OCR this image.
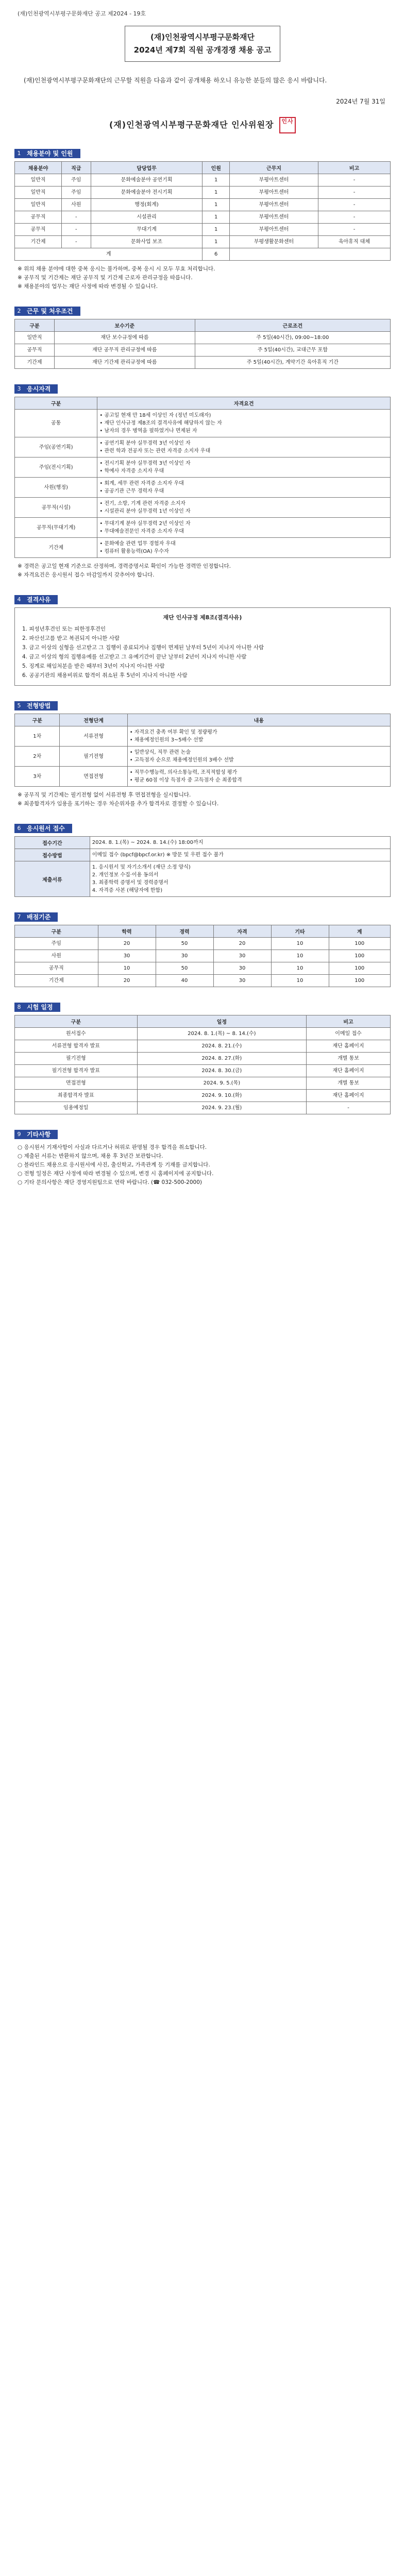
(재)인천광역시부평구문화재단 공고 제2024 - 19호
(재)인천광역시부평구문화재단
2024년 제7회 직원 공개경쟁 채용 공고
(재)인천광역시부평구문화재단의 근무할 직원을 다음과 같이 공개채용 하오니 유능한 분들의 많은 응시 바랍니다.
2024년 7월 31일
(재)인천광역시부평구문화재단 인사위원장 인사
1 채용분야 및 인원
채용분야	직급	담당업무	인원	근무지	비고
일반직	주임	문화예술분야 공연기획	1	부평아트센터	-
일반직	주임	문화예술분야 전시기획	1	부평아트센터	-
일반직	사원	행정(회계)	1	부평아트센터	-
공무직	-	시설관리	1	부평아트센터	-
공무직	-	무대기계	1	부평아트센터	-
기간제	-	문화사업 보조	1	부평생활문화센터	육아휴직 대체
계			6		
※ 위의 채용 분야에 대한 중복 응시는 불가하며, 중복 응시 시 모두 무효 처리합니다.
※ 공무직 및 기간제는 재단 공무직 및 기간제 근로자 관리규정을 따릅니다.
※ 채용분야의 업무는 재단 사정에 따라 변경될 수 있습니다.
2 근무 및 처우조건
구분	보수기준	근로조건
일반직	재단 보수규정에 따름	주 5일(40시간), 09:00~18:00
공무직	재단 공무직 관리규정에 따름	주 5일(40시간), 교대근무 포함
기간제	재단 기간제 관리규정에 따름	주 5일(40시간), 계약기간 육아휴직 기간
3 응시자격
구분	자격요건
공통	• 공고일 현재 만 18세 이상인 자 (정년 미도래자)
• 재단 인사규정 제8조의 결격사유에 해당하지 않는 자
• 남자의 경우 병역을 필하였거나 면제된 자
주임(공연기획)	• 공연기획 분야 실무경력 3년 이상인 자
• 관련 학과 전공자 또는 관련 자격증 소지자 우대
주임(전시기획)	• 전시기획 분야 실무경력 3년 이상인 자
• 학예사 자격증 소지자 우대
사원(행정)	• 회계, 세무 관련 자격증 소지자 우대
• 공공기관 근무 경력자 우대
공무직(시설)	• 전기, 소방, 기계 관련 자격증 소지자
• 시설관리 분야 실무경력 1년 이상인 자
공무직(무대기계)	• 무대기계 분야 실무경력 2년 이상인 자
• 무대예술전문인 자격증 소지자 우대
기간제	• 문화예술 관련 업무 경험자 우대
• 컴퓨터 활용능력(OA) 우수자
※ 경력은 공고일 현재 기준으로 산정하며, 경력증명서로 확인이 가능한 경력만 인정합니다.
※ 자격요건은 응시원서 접수 마감일까지 갖추어야 합니다.
4 결격사유
재단 인사규정 제8조(결격사유)
1. 피성년후견인 또는 피한정후견인
2. 파산선고를 받고 복권되지 아니한 사람
3. 금고 이상의 실형을 선고받고 그 집행이 종료되거나 집행이 면제된 날부터 5년이 지나지 아니한 사람
4. 금고 이상의 형의 집행유예를 선고받고 그 유예기간이 끝난 날부터 2년이 지나지 아니한 사람
5. 징계로 해임처분을 받은 때부터 3년이 지나지 아니한 사람
6. 공공기관의 채용비위로 합격이 취소된 후 5년이 지나지 아니한 사람
5 전형방법
구분	전형단계	내용
1차	서류전형	• 자격요건 충족 여부 확인 및 정량평가
• 채용예정인원의 3~5배수 선발
2차	필기전형	• 일반상식, 직무 관련 논술
• 고득점자 순으로 채용예정인원의 3배수 선발
3차	면접전형	• 직무수행능력, 의사소통능력, 조직적합성 평가
• 평균 60점 이상 득점자 중 고득점자 순 최종합격
※ 공무직 및 기간제는 필기전형 없이 서류전형 후 면접전형을 실시합니다.
※ 최종합격자가 임용을 포기하는 경우 차순위자를 추가 합격자로 결정할 수 있습니다.
6 응시원서 접수
접수기간	2024. 8. 1.(목) ~ 2024. 8. 14.(수) 18:00까지
접수방법	이메일 접수 (bpcf@bpcf.or.kr) ※ 방문 및 우편 접수 불가
제출서류	1. 응시원서 및 자기소개서 (재단 소정 양식)
2. 개인정보 수집·이용 동의서
3. 최종학력 증명서 및 경력증명서
4. 자격증 사본 (해당자에 한함)
7 배점기준
구분	학력	경력	자격	기타	계
주임	20	50	20	10	100
사원	30	30	30	10	100
공무직	10	50	30	10	100
기간제	20	40	30	10	100
8 시험 일정
구분	일정	비고
원서접수	2024. 8. 1.(목) ~ 8. 14.(수)	이메일 접수
서류전형 합격자 발표	2024. 8. 21.(수)	재단 홈페이지
필기전형	2024. 8. 27.(화)	개별 통보
필기전형 합격자 발표	2024. 8. 30.(금)	재단 홈페이지
면접전형	2024. 9. 5.(목)	개별 통보
최종합격자 발표	2024. 9. 10.(화)	재단 홈페이지
임용예정일	2024. 9. 23.(월)	-
9 기타사항
○ 응시원서 기재사항이 사실과 다르거나 허위로 판명될 경우 합격을 취소합니다.
○ 제출된 서류는 반환하지 않으며, 채용 후 3년간 보관합니다.
○ 블라인드 채용으로 응시원서에 사진, 출신학교, 가족관계 등 기재를 금지합니다.
○ 전형 일정은 재단 사정에 따라 변경될 수 있으며, 변경 시 홈페이지에 공지합니다.
○ 기타 문의사항은 재단 경영지원팀으로 연락 바랍니다. (☎ 032-500-2000)
